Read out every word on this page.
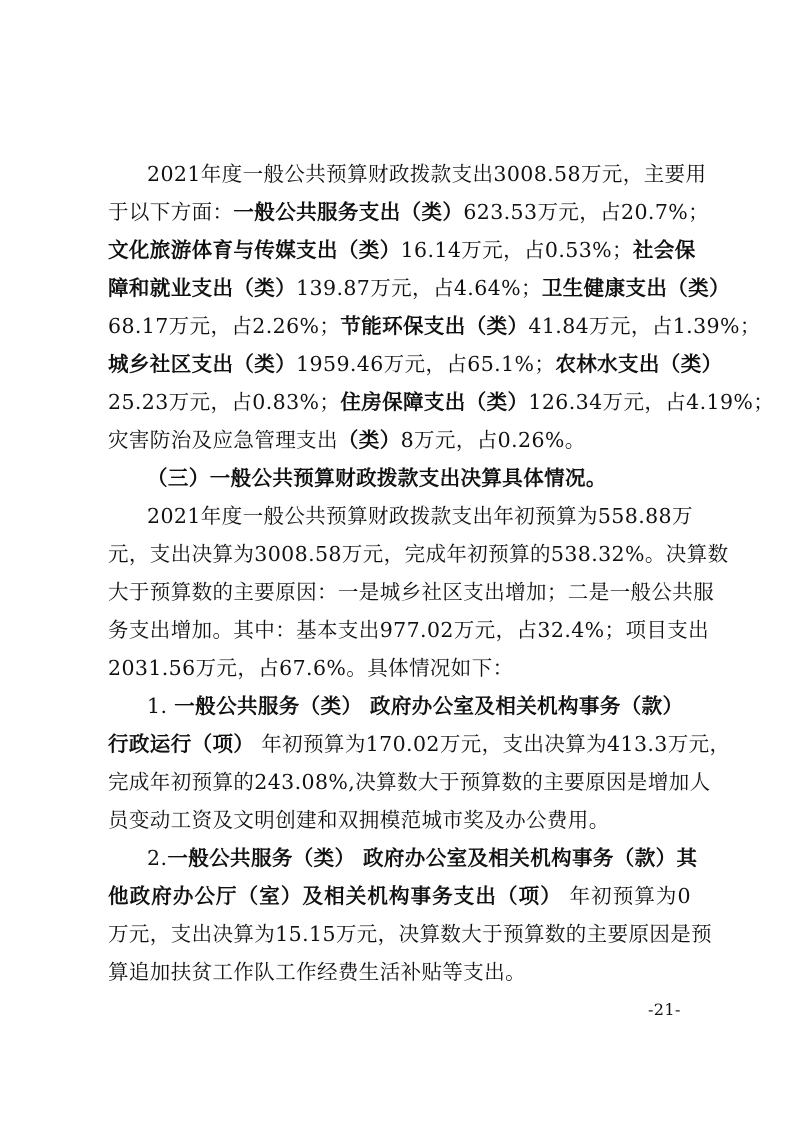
2021年度一般公共预算财政拨款支出3008.58万元，主要用
于以下方面：一般公共服务支出（类）623.53万元，占20.7%；
文化旅游体育与传媒支出（类）16.14万元，占0.53%；社会保
障和就业支出（类）139.87万元，占4.64%；卫生健康支出（类）
68.17万元，占2.26%；节能环保支出（类）41.84万元，占1.39%；
城乡社区支出（类）1959.46万元，占65.1%；农林水支出（类）
25.23万元，占0.83%；住房保障支出（类）126.34万元，占4.19%；
灾害防治及应急管理支出（类）8万元，占0.26%。
（三）一般公共预算财政拨款支出决算具体情况。
2021年度一般公共预算财政拨款支出年初预算为558.88万
元，支出决算为3008.58万元，完成年初预算的538.32%。决算数
大于预算数的主要原因：一是城乡社区支出增加；二是一般公共服
务支出增加。其中：基本支出977.02万元，占32.4%；项目支出
2031.56万元，占67.6%。具体情况如下：
1. 一般公共服务（类） 政府办公室及相关机构事务（款）
行政运行（项） 年初预算为170.02万元，支出决算为413.3万元，
完成年初预算的243.08%,决算数大于预算数的主要原因是增加人
员变动工资及文明创建和双拥模范城市奖及办公费用。
2.一般公共服务（类） 政府办公室及相关机构事务（款）其
他政府办公厅（室）及相关机构事务支出（项） 年初预算为0
万元，支出决算为15.15万元，决算数大于预算数的主要原因是预
算追加扶贫工作队工作经费生活补贴等支出。
-21-
